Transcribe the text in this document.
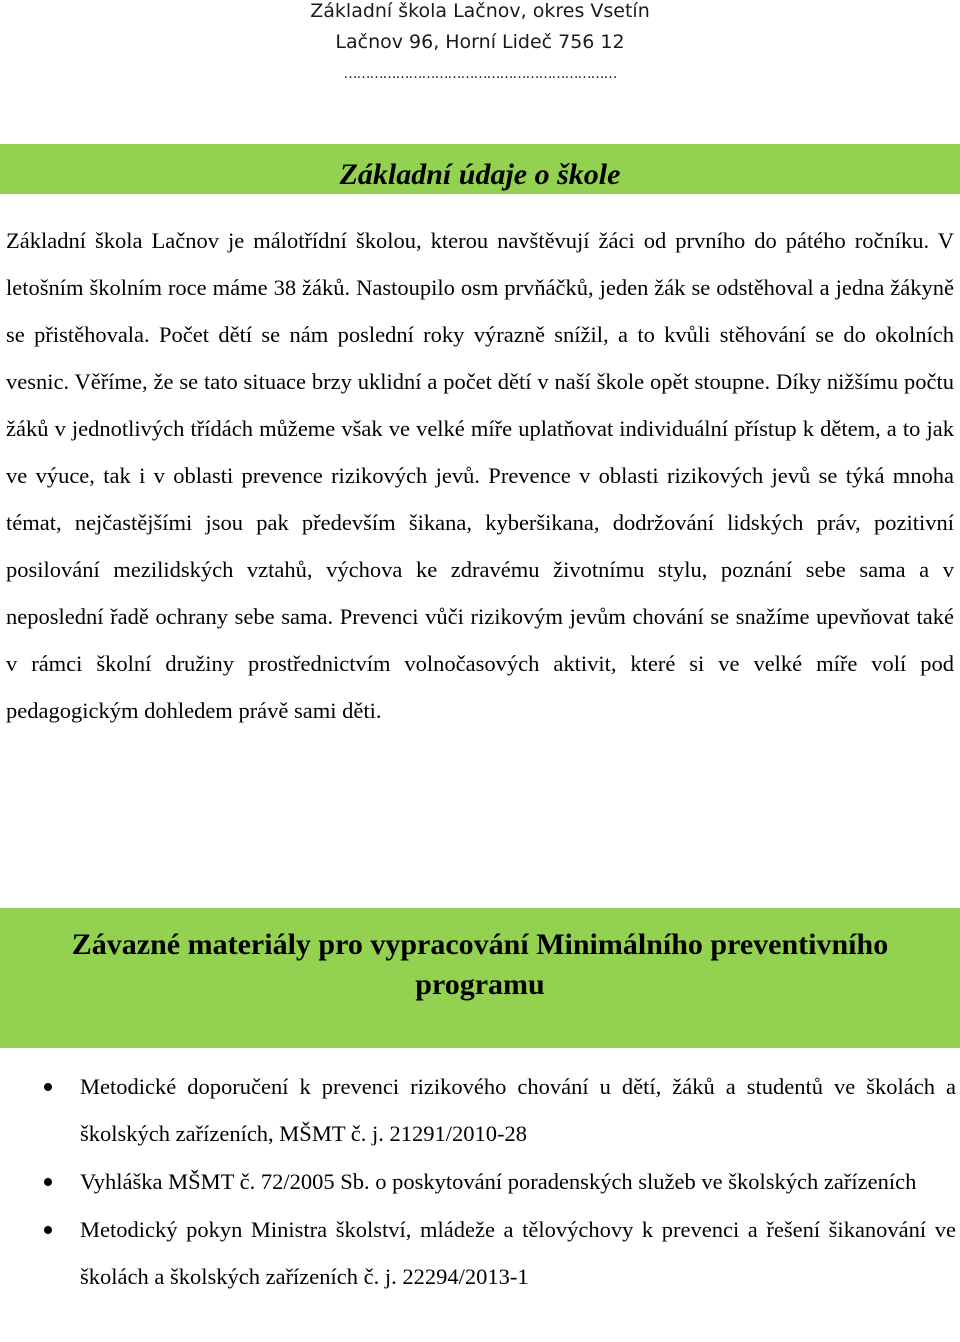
Základní škola Lačnov, okres Vsetín
Lačnov 96, Horní Lideč 756 12
………………………………………………………
Základní údaje o škole

Základní škola Lačnov je málotřídní školou, kterou navštěvují žáci od prvního do pátého ročníku. V letošním školním roce máme 38 žáků. Nastoupilo osm prvňáčků, jeden žák se odstěhoval a jedna žákyně se přistěhovala. Počet dětí se nám poslední roky výrazně snížil, a to kvůli stěhování se do okolních vesnic. Věříme, že se tato situace brzy uklidní a počet dětí v naší škole opět stoupne. Díky nižšímu počtu žáků v jednotlivých třídách můžeme však ve velké míře uplatňovat individuální přístup k dětem, a to jak ve výuce, tak i v oblasti prevence rizikových jevů. Prevence v oblasti rizikových jevů se týká mnoha témat, nejčastějšími jsou pak především šikana, kyberšikana, dodržování lidských práv, pozitivní posilování mezilidských vztahů, výchova ke zdravému životnímu stylu, poznání sebe sama a v neposlední řadě ochrany sebe sama. Prevenci vůči rizikovým jevům chování se snažíme upevňovat také v rámci školní družiny prostřednictvím volnočasových aktivit, které si ve velké míře volí pod pedagogickým dohledem právě sami děti.

Závazné materiály pro vypracování Minimálního preventivního programu
Metodické doporučení k prevenci rizikového chování u dětí, žáků a studentů ve školách a školských zařízeních, MŠMT č. j. 21291/2010-28
Vyhláška MŠMT č. 72/2005 Sb. o poskytování poradenských služeb ve školských zařízeních
Metodický pokyn Ministra školství, mládeže a tělovýchovy k prevenci a řešení šikanování ve školách a školských zařízeních č. j. 22294/2013-1
